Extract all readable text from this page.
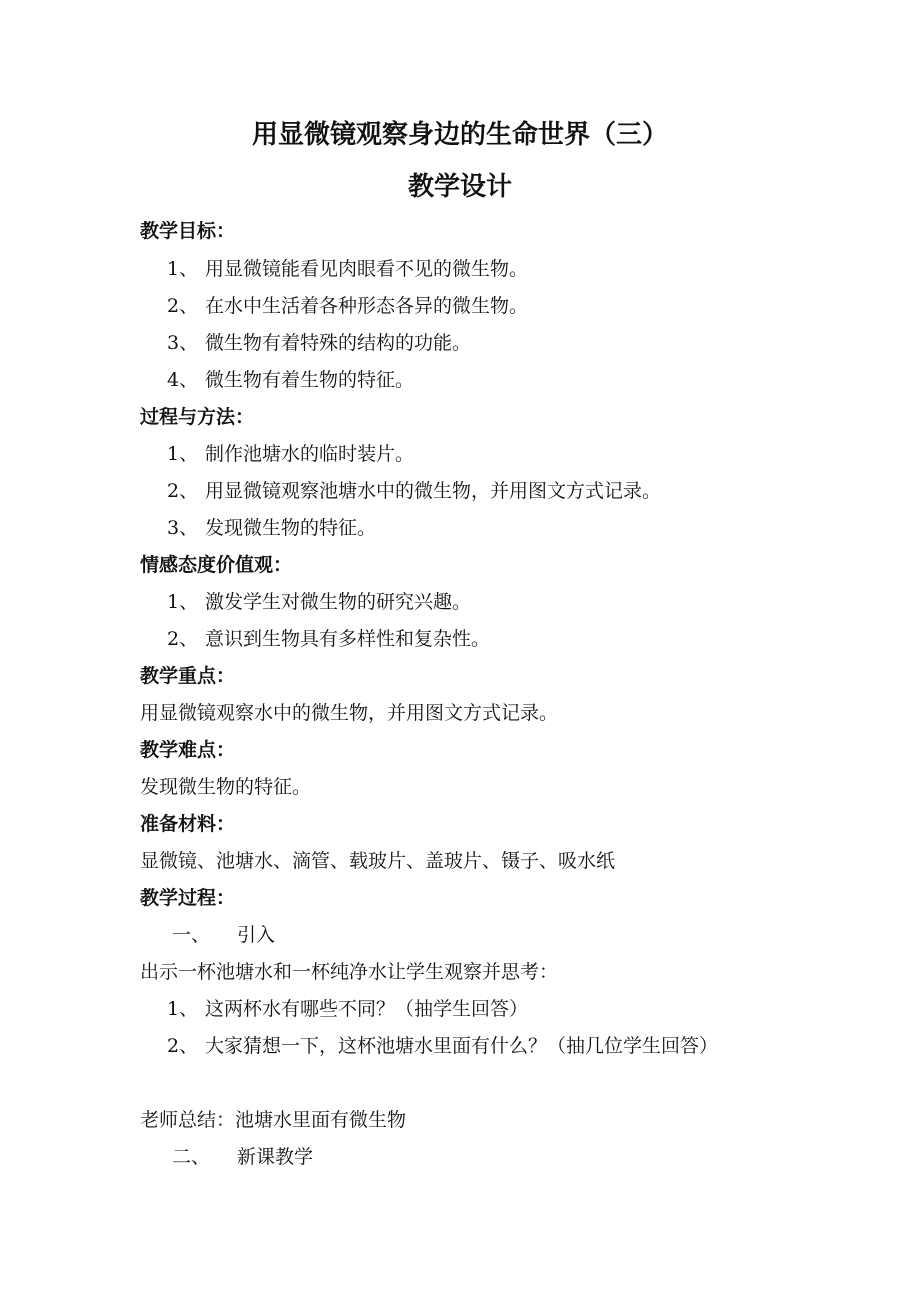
用显微镜观察身边的生命世界（三）
教学设计
教学目标：
1、 用显微镜能看见肉眼看不见的微生物。
2、 在水中生活着各种形态各异的微生物。
3、 微生物有着特殊的结构的功能。
4、 微生物有着生物的特征。
过程与方法：
1、 制作池塘水的临时装片。
2、 用显微镜观察池塘水中的微生物，并用图文方式记录。
3、 发现微生物的特征。
情感态度价值观：
1、 激发学生对微生物的研究兴趣。
2、 意识到生物具有多样性和复杂性。
教学重点：
用显微镜观察水中的微生物，并用图文方式记录。
教学难点：
发现微生物的特征。
准备材料：
显微镜、池塘水、滴管、载玻片、盖玻片、镊子、吸水纸
教学过程：
一、 引入
出示一杯池塘水和一杯纯净水让学生观察并思考：
1、 这两杯水有哪些不同？（抽学生回答）
2、 大家猜想一下，这杯池塘水里面有什么？（抽几位学生回答）
老师总结：池塘水里面有微生物
二、 新课教学
